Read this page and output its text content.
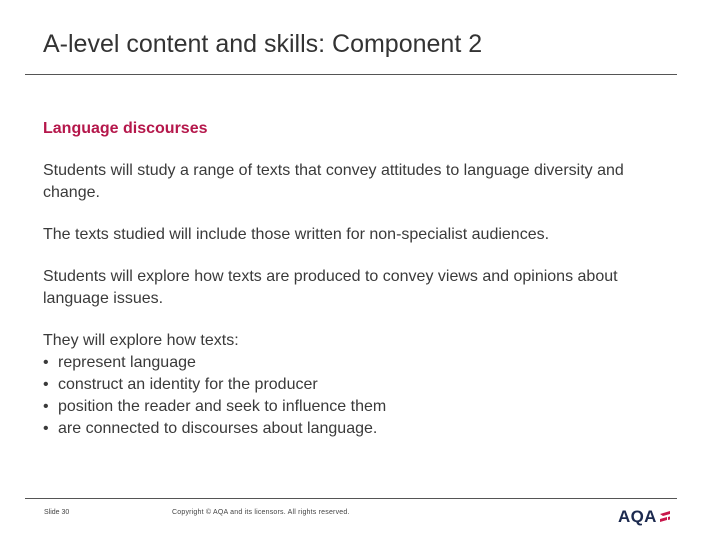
A-level content and skills: Component 2

Language discourses

Students will study a range of texts that convey attitudes to language diversity and change.

The texts studied will include those written for non-specialist audiences.

Students will explore how texts are produced to convey views and opinions about language issues.

They will explore how texts:
• represent language
• construct an identity for the producer
• position the reader and seek to influence them
• are connected to discourses about language.
Slide 30	Copyright © AQA and its licensors. All rights reserved.	AQA
